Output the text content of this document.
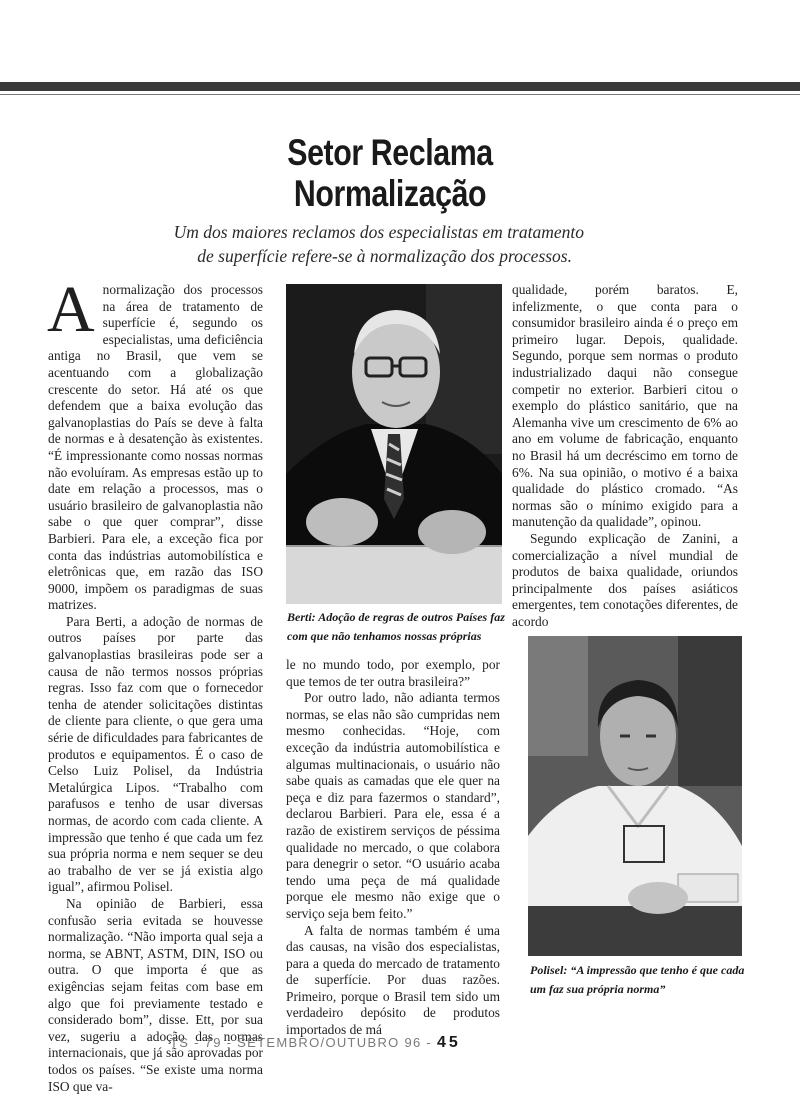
Setor Reclama
Normalização
Um dos maiores reclamos dos especialistas em tratamento
de superfície refere-se à normalização dos processos.

Anormalização dos processos na área de tratamento de superfície é, segundo os especialistas, uma deficiência antiga no Brasil, que vem se acentuando com a globalização crescente do setor. Há até os que defendem que a baixa evolução das galvanoplastias do País se deve à falta de normas e à desatenção às existentes. “É impressionante como nossas normas não evoluíram. As empresas estão up to date em relação a processos, mas o usuário brasileiro de galvanoplastia não sabe o que quer comprar”, disse Barbieri. Para ele, a exceção fica por conta das indústrias automobilística e eletrônicas que, em razão das ISO 9000, impõem os paradigmas de suas matrizes.

Para Berti, a adoção de normas de outros países por parte das galvanoplastias brasileiras pode ser a causa de não termos nossos próprias regras. Isso faz com que o fornecedor tenha de atender solicitações distintas de cliente para cliente, o que gera uma série de dificuldades para fabricantes de produtos e equipamentos. É o caso de Celso Luiz Polisel, da Indústria Metalúrgica Lipos. “Trabalho com parafusos e tenho de usar diversas normas, de acordo com cada cliente. A impressão que tenho é que cada um fez sua própria norma e nem sequer se deu ao trabalho de ver se já existia algo igual”, afirmou Polisel.

Na opinião de Barbieri, essa confusão seria evitada se houvesse normalização. “Não importa qual seja a norma, se ABNT, ASTM, DIN, ISO ou outra. O que importa é que as exigências sejam feitas com base em algo que foi previamente testado e considerado bom”, disse. Ett, por sua vez, sugeriu a adoção das normas internacionais, que já são aprovadas por todos os países. “Se existe uma norma ISO que va-

Berti: Adoção de regras de outros Países faz com que não tenhamos nossas próprias

le no mundo todo, por exemplo, por que temos de ter outra brasileira?”

Por outro lado, não adianta termos normas, se elas não são cumpridas nem mesmo conhecidas. “Hoje, com exceção da indústria automobilística e algumas multinacionais, o usuário não sabe quais as camadas que ele quer na peça e diz para fazermos o standard”, declarou Barbieri. Para ele, essa é a razão de existirem serviços de péssima qualidade no mercado, o que colabora para denegrir o setor. “O usuário acaba tendo uma peça de má qualidade porque ele mesmo não exige que o serviço seja bem feito.”

A falta de normas também é uma das causas, na visão dos especialistas, para a queda do mercado de tratamento de superfície. Por duas razões. Primeiro, porque o Brasil tem sido um verdadeiro depósito de produtos importados de má

qualidade, porém baratos. E, infelizmente, o que conta para o consumidor brasileiro ainda é o preço em primeiro lugar. Depois, qualidade. Segundo, porque sem normas o produto industrializado daqui não consegue competir no exterior. Barbieri citou o exemplo do plástico sanitário, que na Alemanha vive um crescimento de 6% ao ano em volume de fabricação, enquanto no Brasil há um decréscimo em torno de 6%. Na sua opinião, o motivo é a baixa qualidade do plástico cromado. “As normas são o mínimo exigido para a manutenção da qualidade”, opinou.

Segundo explicação de Zanini, a comercialização a nível mundial de produtos de baixa qualidade, oriundos principalmente dos países asiáticos emergentes, tem conotações diferentes, de acordo

Polisel: “A impressão que tenho é que cada um faz sua própria norma”
TS - 79 - SETEMBRO/OUTUBRO 96 - 45
